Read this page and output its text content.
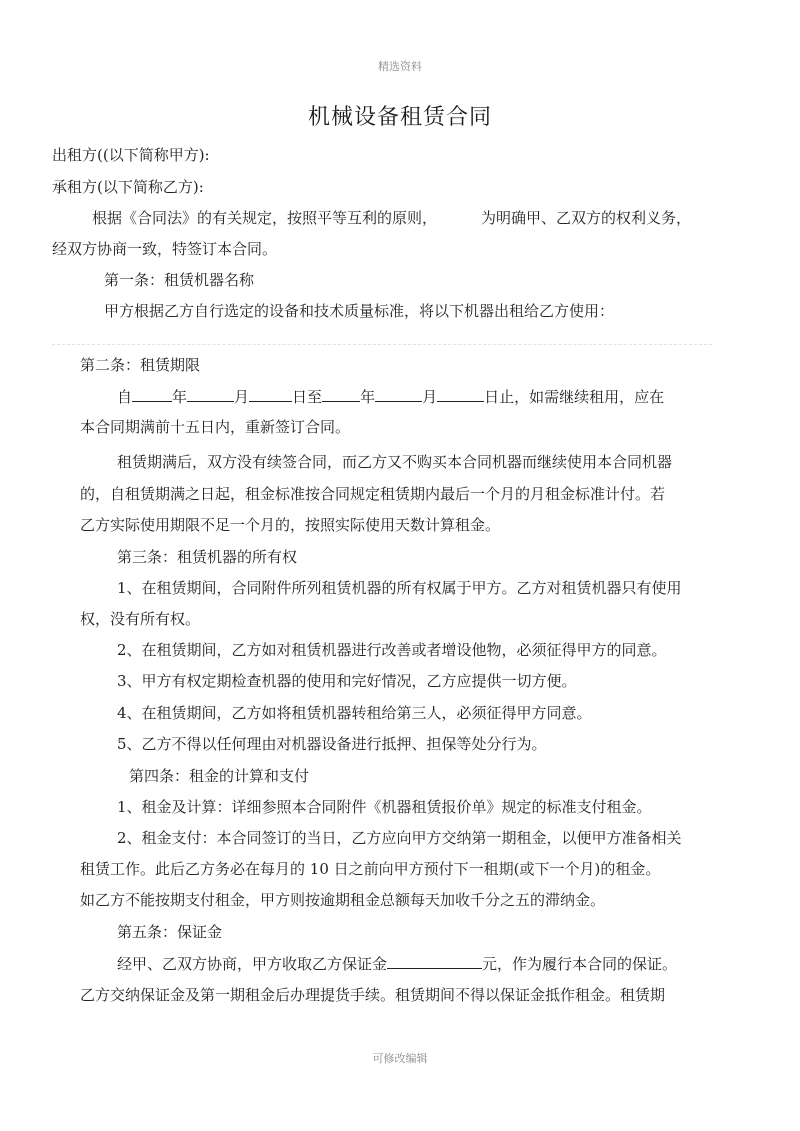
精选资料
机械设备租赁合同
出租方((以下简称甲方):
承租方(以下简称乙方):
根据《合同法》的有关规定，按照平等互利的原则，	为明确甲、乙双方的权利义务，
经双方协商一致，特签订本合同。
第一条：租赁机器名称
甲方根据乙方自行选定的设备和技术质量标准，将以下机器出租给乙方使用：
第二条：租赁期限
自	年	月	日至	年	月	日止，如需继续租用，应在
本合同期满前十五日内，重新签订合同。
租赁期满后，双方没有续签合同，而乙方又不购买本合同机器而继续使用本合同机器
的，自租赁期满之日起，租金标准按合同规定租赁期内最后一个月的月租金标准计付。若
乙方实际使用期限不足一个月的，按照实际使用天数计算租金。
第三条：租赁机器的所有权
1、在租赁期间，合同附件所列租赁机器的所有权属于甲方。乙方对租赁机器只有使用
权，没有所有权。
2、在租赁期间，乙方如对租赁机器进行改善或者增设他物，必须征得甲方的同意。
3、甲方有权定期检查机器的使用和完好情况，乙方应提供一切方便。
4、在租赁期间，乙方如将租赁机器转租给第三人，必须征得甲方同意。
5、乙方不得以任何理由对机器设备进行抵押、担保等处分行为。
第四条：租金的计算和支付
1、租金及计算：详细参照本合同附件《机器租赁报价单》规定的标准支付租金。
2、租金支付：本合同签订的当日，乙方应向甲方交纳第一期租金，以便甲方准备相关
租赁工作。此后乙方务必在每月的 10 日之前向甲方预付下一租期(或下一个月)的租金。
如乙方不能按期支付租金，甲方则按逾期租金总额每天加收千分之五的滞纳金。
第五条：保证金
经甲、乙双方协商，甲方收取乙方保证金	元，作为履行本合同的保证。
乙方交纳保证金及第一期租金后办理提货手续。租赁期间不得以保证金抵作租金。租赁期
可修改编辑
